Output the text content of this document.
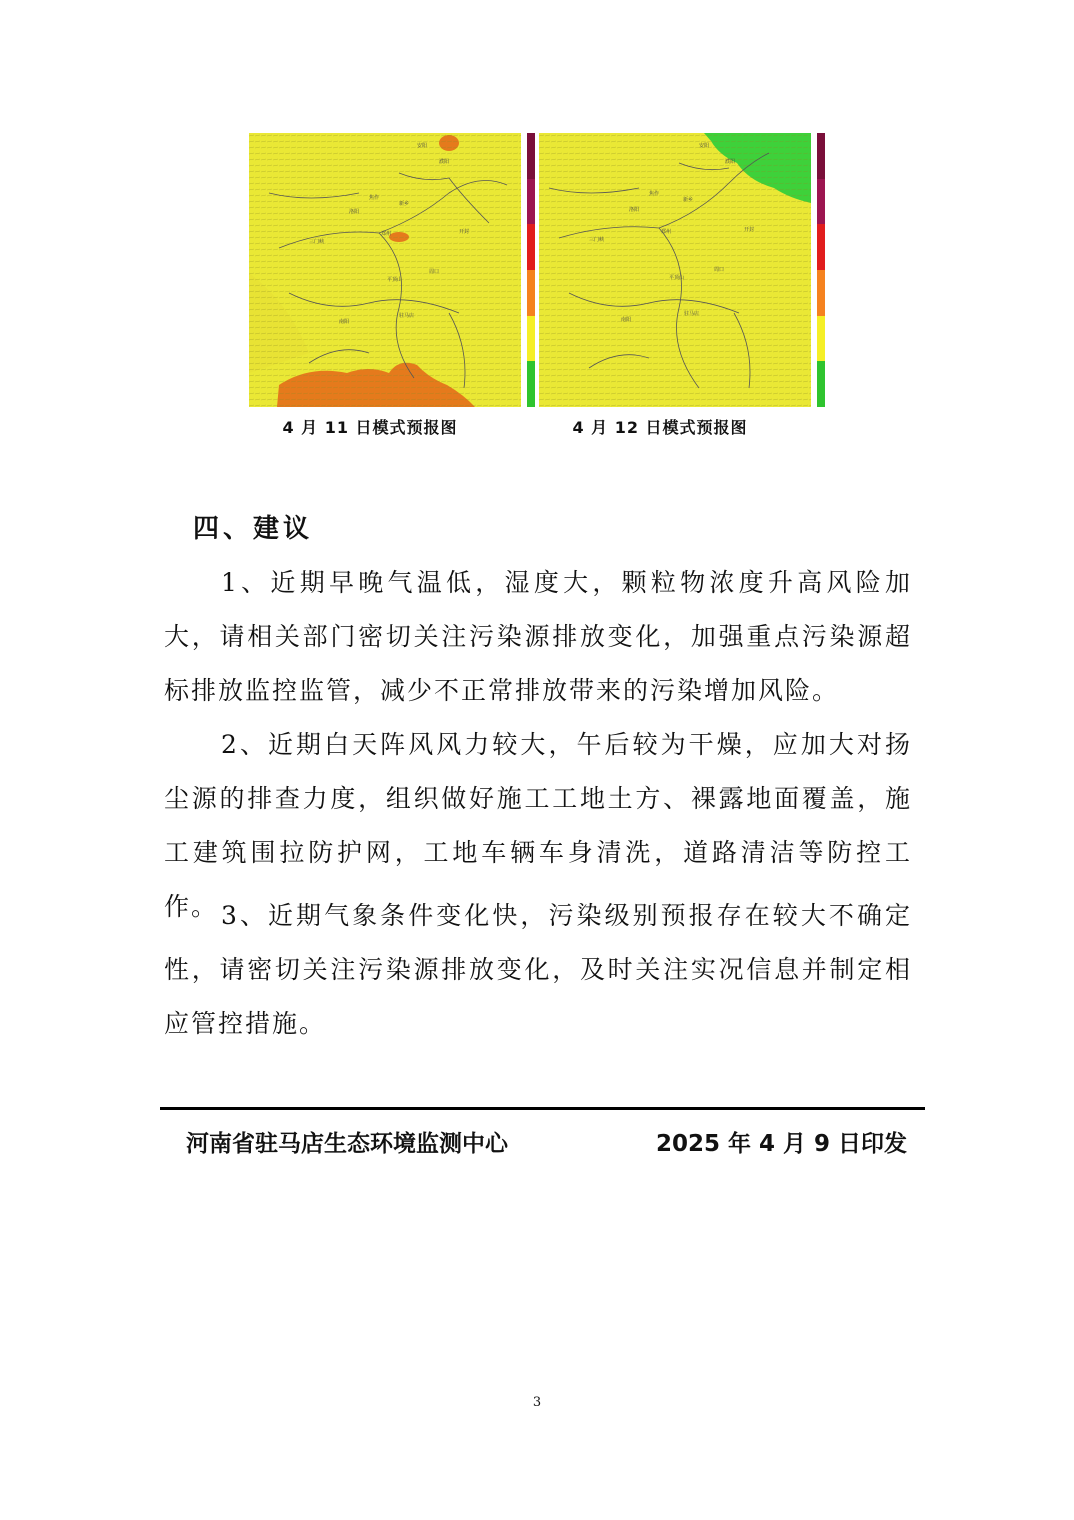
安阳
濮阳
焦作
新乡
洛阳
郑州	开封
平顶山
周口
南阳
驻马店
三门峡
安阳
濮阳
焦作
新乡
洛阳
郑州	开封
平顶山
周口
南阳
驻马店
三门峡
4 月 11 日模式预报图	4 月 12 日模式预报图
四、建议

1、近期早晚气温低，湿度大，颗粒物浓度升高风险加大，请相关部门密切关注污染源排放变化，加强重点污染源超标排放监控监管，减少不正常排放带来的污染增加风险。

2、近期白天阵风风力较大，午后较为干燥，应加大对扬尘源的排查力度，组织做好施工工地土方、裸露地面覆盖，施工建筑围拉防护网，工地车辆车身清洗，道路清洁等防控工作。 3、近期气象条件变化快，污染级别预报存在较大不确定性，请密切关注污染源排放变化，及时关注实况信息并制定相应管控措施。

河南省驻马店生态环境监测中心	2025 年 4 月 9 日印发
3
